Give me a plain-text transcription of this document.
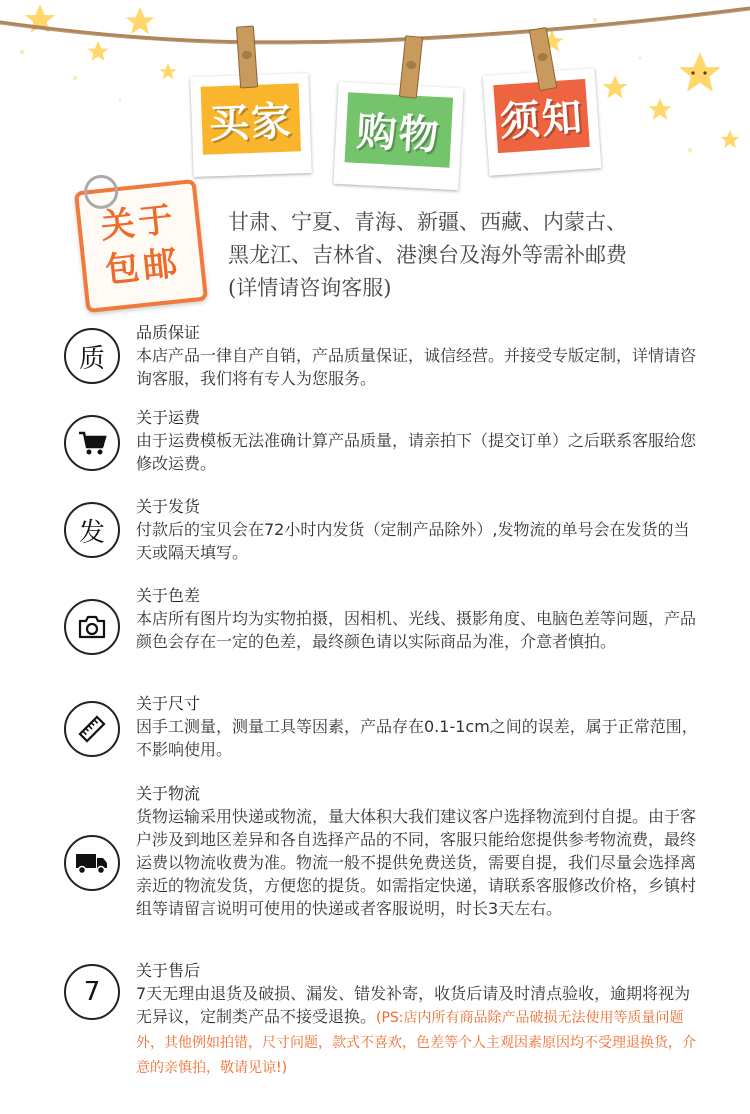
买家 购物 须知
关于
包邮
甘肃、宁夏、青海、新疆、西藏、内蒙古、
黑龙江、吉林省、港澳台及海外等需补邮费
(详情请咨询客服)
质
品质保证
本店产品一律自产自销，产品质量保证，诚信经营。并接受专版定制，详情请咨询客服，我们将有专人为您服务。
关于运费
由于运费模板无法准确计算产品质量，请亲拍下（提交订单）之后联系客服给您修改运费。
发
关于发货
付款后的宝贝会在72小时内发货（定制产品除外）,发物流的单号会在发货的当天或隔天填写。
关于色差
本店所有图片均为实物拍摄，因相机、光线、摄影角度、电脑色差等问题，产品颜色会存在一定的色差，最终颜色请以实际商品为准，介意者慎拍。
关于尺寸
因手工测量，测量工具等因素，产品存在0.1-1cm之间的误差，属于正常范围，不影响使用。
关于物流
货物运输采用快递或物流，量大体积大我们建议客户选择物流到付自提。由于客户涉及到地区差异和各自选择产品的不同，客服只能给您提供参考物流费，最终运费以物流收费为准。物流一般不提供免费送货，需要自提，我们尽量会选择离亲近的物流发货，方便您的提货。如需指定快递，请联系客服修改价格，乡镇村组等请留言说明可使用的快递或者客服说明，时长3天左右。
7
关于售后
7天无理由退货及破损、漏发、错发补寄，收货后请及时清点验收，逾期将视为无异议，定制类产品不接受退换。(PS:店内所有商品除产品破损无法使用等质量问题外，其他例如拍错，尺寸问题，款式不喜欢，色差等个人主观因素原因均不受理退换货，介意的亲慎拍，敬请见谅!)
